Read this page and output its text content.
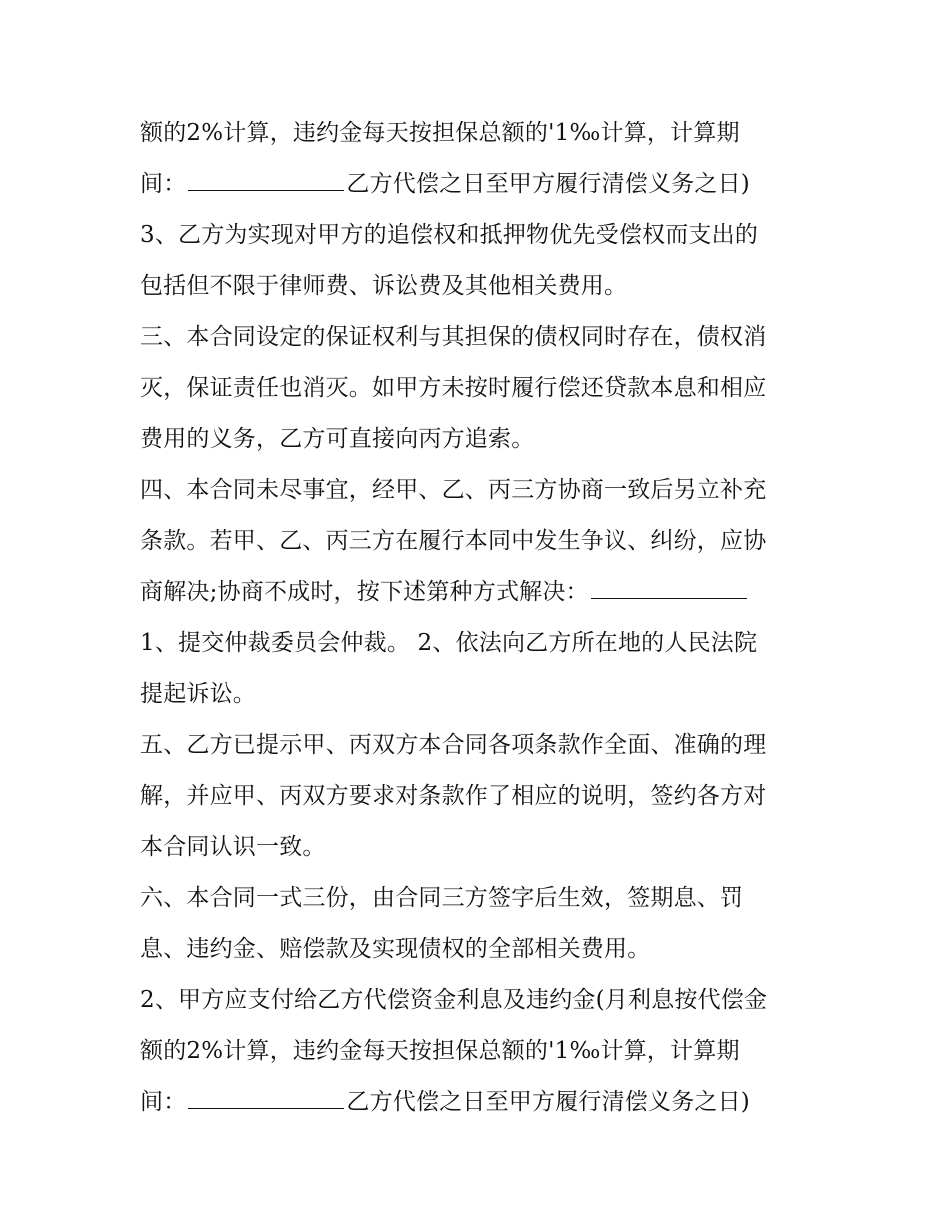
额的2%计算，违约金每天按担保总额的'1‰计算，计算期
间：	乙方代偿之日至甲方履行清偿义务之日)
3、乙方为实现对甲方的追偿权和抵押物优先受偿权而支出的
包括但不限于律师费、诉讼费及其他相关费用。
三、本合同设定的保证权利与其担保的债权同时存在，债权消
灭，保证责任也消灭。如甲方未按时履行偿还贷款本息和相应
费用的义务，乙方可直接向丙方追索。
四、本合同未尽事宜，经甲、乙、丙三方协商一致后另立补充
条款。若甲、乙、丙三方在履行本同中发生争议、纠纷，应协
商解决;协商不成时，按下述第种方式解决：
1、提交仲裁委员会仲裁。 2、依法向乙方所在地的人民法院
提起诉讼。
五、乙方已提示甲、丙双方本合同各项条款作全面、准确的理
解，并应甲、丙双方要求对条款作了相应的说明，签约各方对
本合同认识一致。
六、本合同一式三份，由合同三方签字后生效，签期息、罚
息、违约金、赔偿款及实现债权的全部相关费用。
2、甲方应支付给乙方代偿资金利息及违约金(月利息按代偿金
额的2%计算，违约金每天按担保总额的'1‰计算，计算期
间：	乙方代偿之日至甲方履行清偿义务之日)
